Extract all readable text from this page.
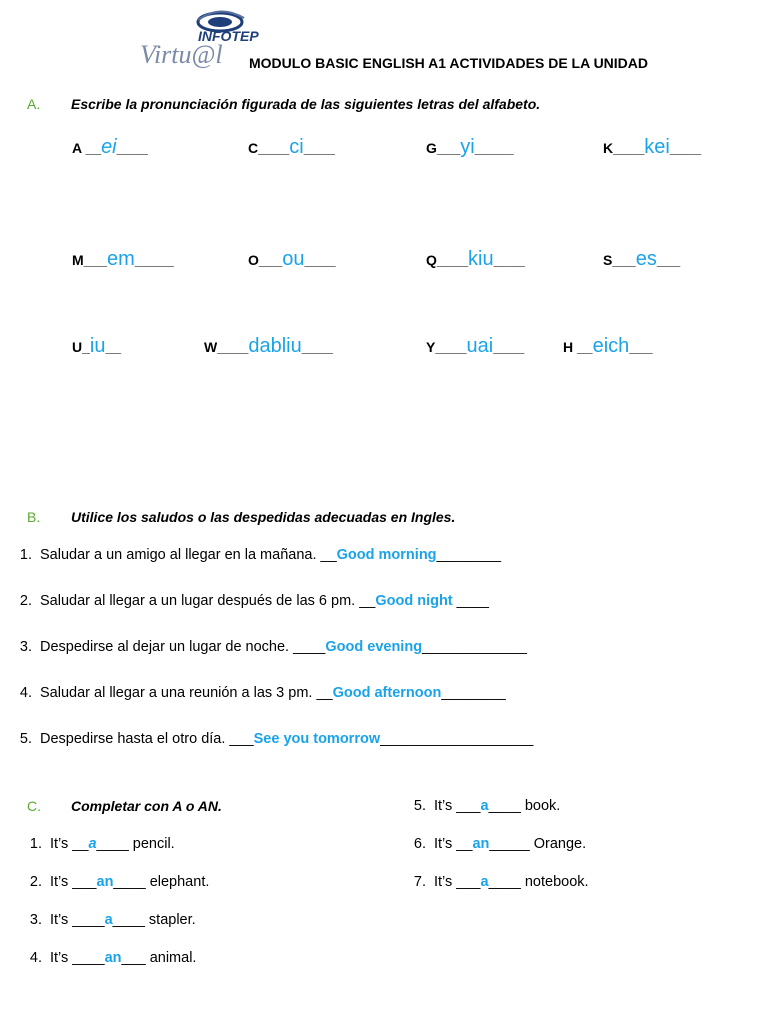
INFOTEP
Virtu@l MODULO BASIC ENGLISH A1 ACTIVIDADES DE LA UNIDAD
A. Escribe la pronunciación figurada de las siguientes letras del alfabeto.
A __ei____	C____ci____	G___yi_____	K____kei____
M___em_____	O___ou____	Q____kiu____	S___es___
U_iu__	W____dabliu____	Y____uai____	H __eich___
B. Utilice los saludos o las despedidas adecuadas en Ingles.
1. Saludar a un amigo al llegar en la mañana. __Good morning________
2. Saludar al llegar a un lugar después de las 6 pm. __Good night ____
3. Despedirse al dejar un lugar de noche. ____Good evening_____________
4. Saludar al llegar a una reunión a las 3 pm. __Good afternoon________
5. Despedirse hasta el otro día. ___See you tomorrow___________________
C. Completar con A o AN.
1. It’s __a____ pencil.
2. It’s ___an____ elephant.
3. It’s ____a____ stapler.
4. It’s ____an___ animal.
5. It’s ___a____ book.
6. It’s __an_____ Orange.
7. It’s ___a____ notebook.
